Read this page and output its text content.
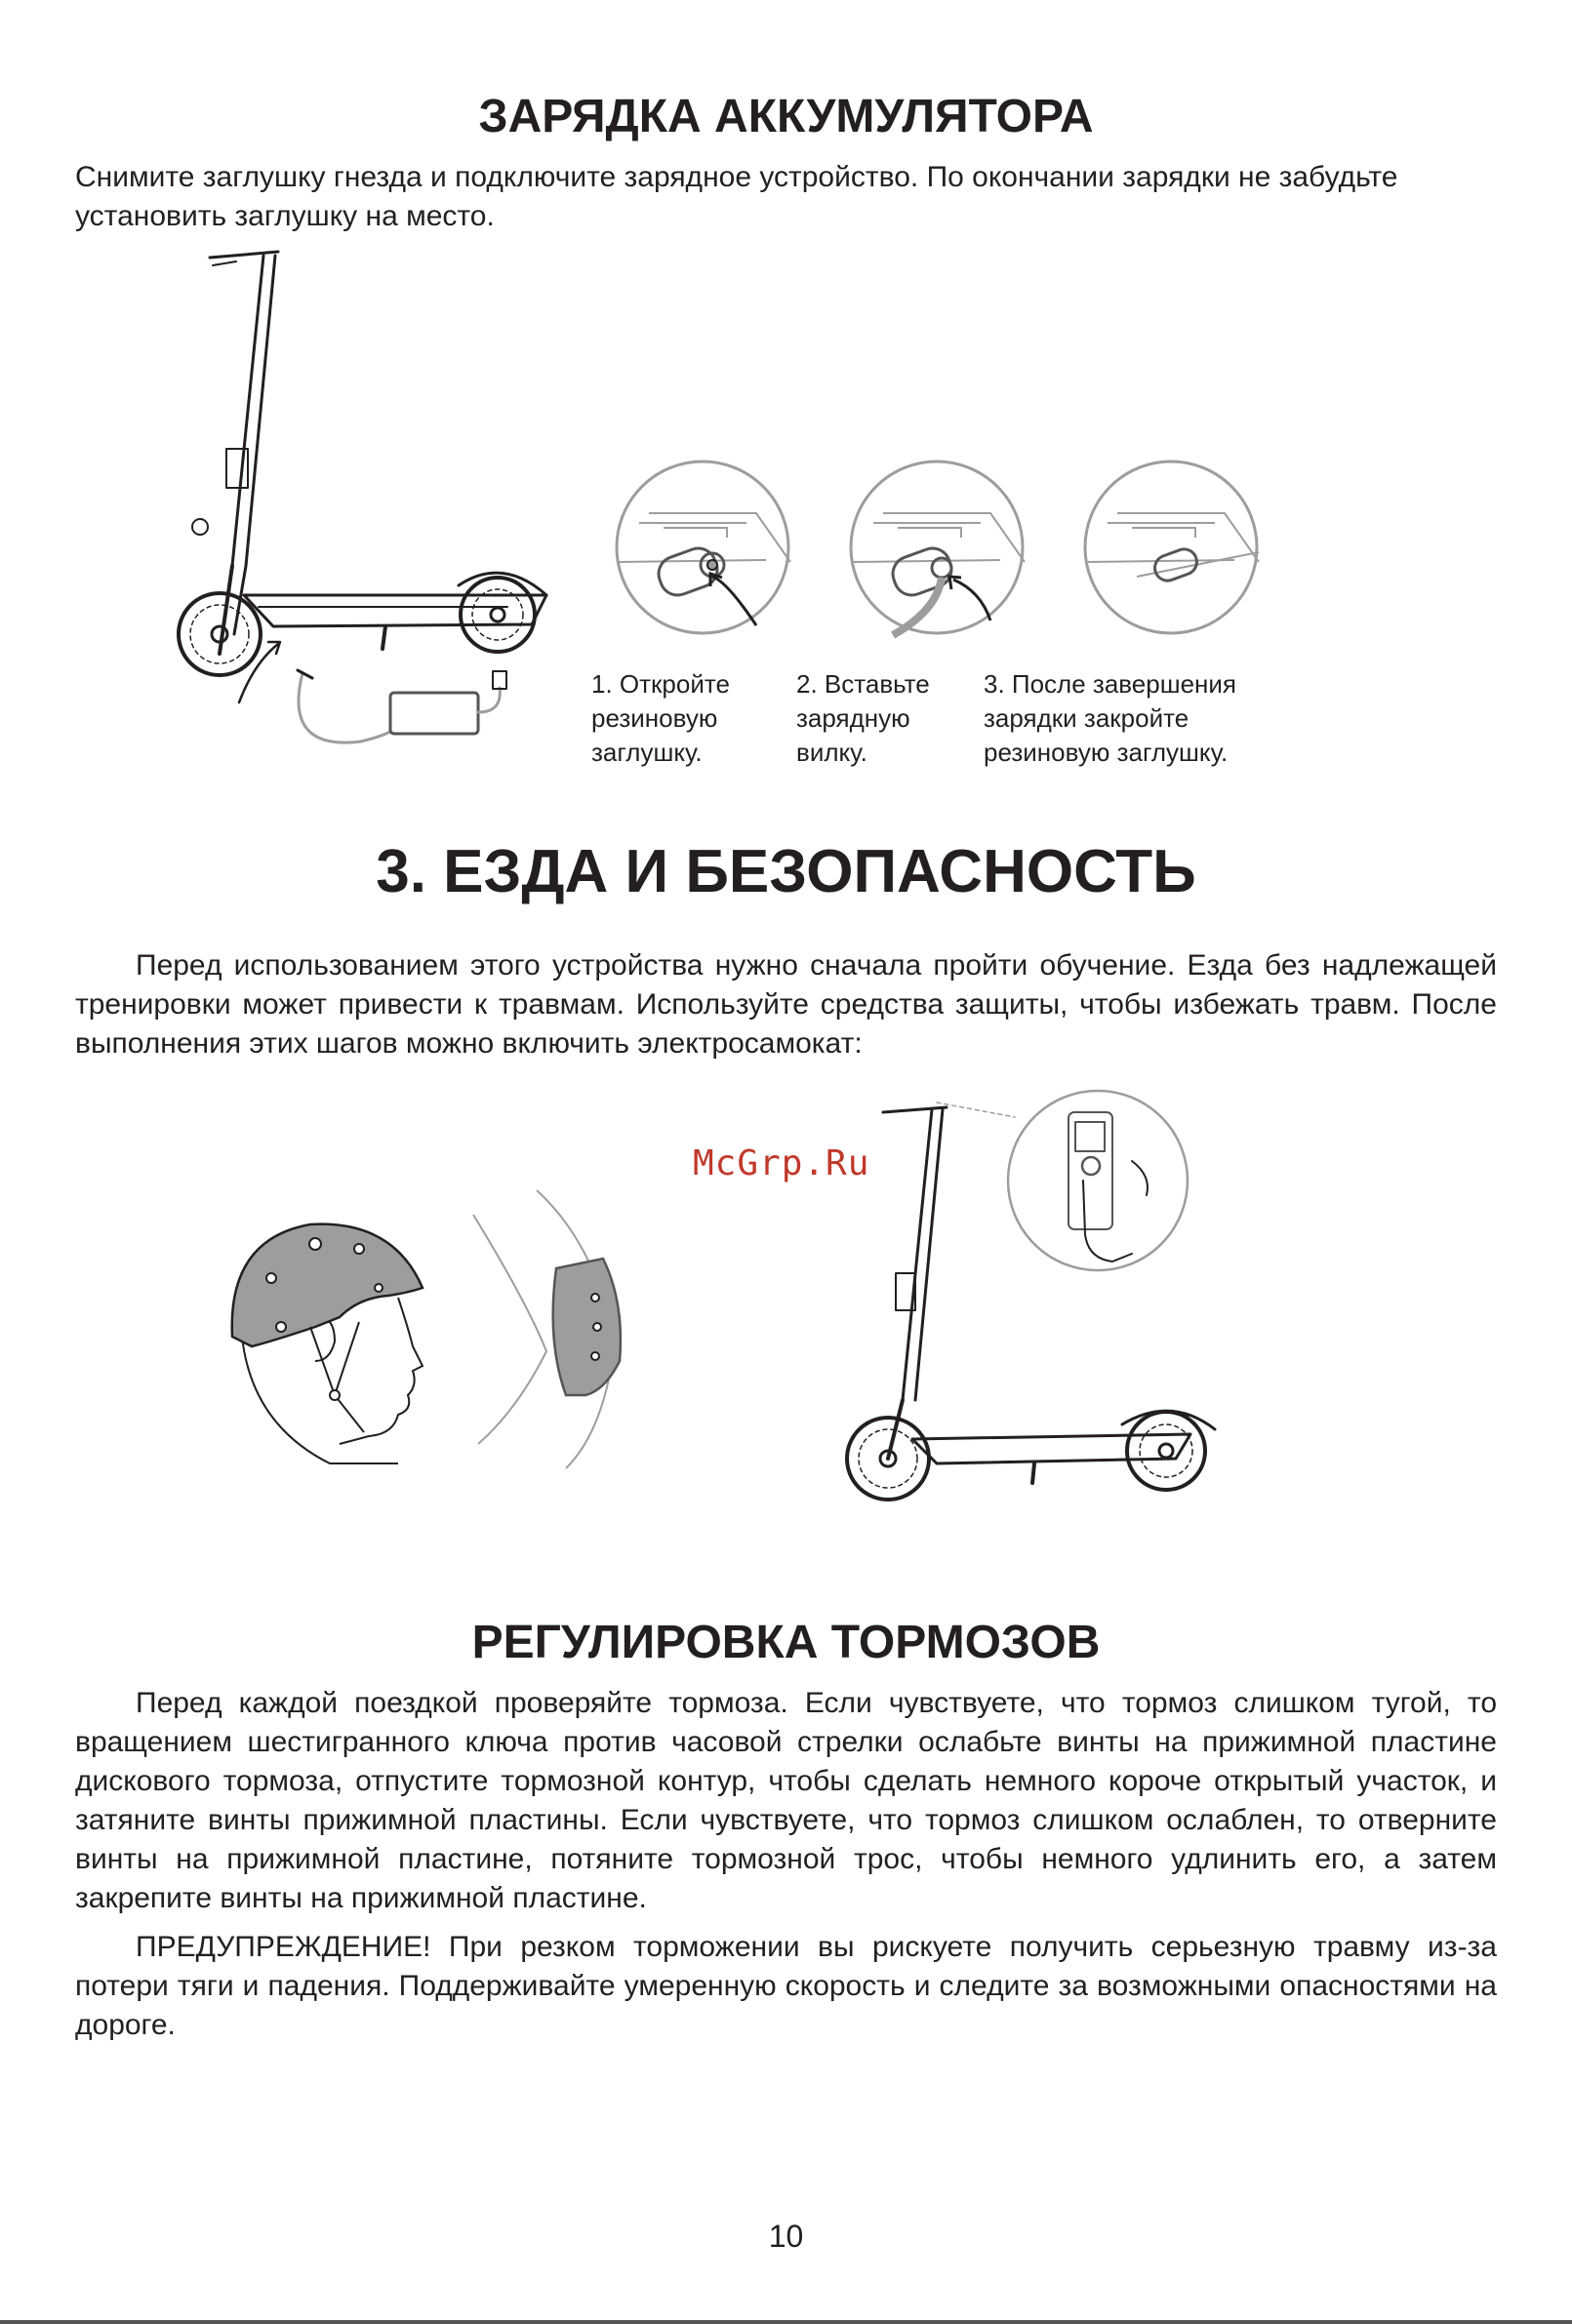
ЗАРЯДКА АККУМУЛЯТОРА
Снимите заглушку гнезда и подключите зарядное устройство. По окончании зарядки не забудьте установить заглушку на место.
1. Откройте резиновую заглушку.
2. Вставьте зарядную вилку.
3. После завершения зарядки закройте резиновую заглушку.
3. ЕЗДА И БЕЗОПАСНОСТЬ
Перед использованием этого устройства нужно сначала пройти обучение. Езда без надлежащей тренировки может привести к травмам. Используйте средства защиты, чтобы избежать травм. После выполнения этих шагов можно включить электросамокат:
McGrp.Ru
РЕГУЛИРОВКА ТОРМОЗОВ
Перед каждой поездкой проверяйте тормоза. Если чувствуете, что тормоз слишком тугой, то вращением шестигранного ключа против часовой стрелки ослабьте винты на прижимной пластине дискового тормоза, отпустите тормозной контур, чтобы сделать немного короче открытый участок, и затяните винты прижимной пластины. Если чувствуете, что тормоз слишком ослаблен, то отверните винты на прижимной пластине, потяните тормозной трос, чтобы немного удлинить его, а затем закрепите винты на прижимной пластине.
ПРЕДУПРЕЖДЕНИЕ! При резком торможении вы рискуете получить серьезную травму из-за потери тяги и падения. Поддерживайте умеренную скорость и следите за возможными опасностями на дороге.
10
